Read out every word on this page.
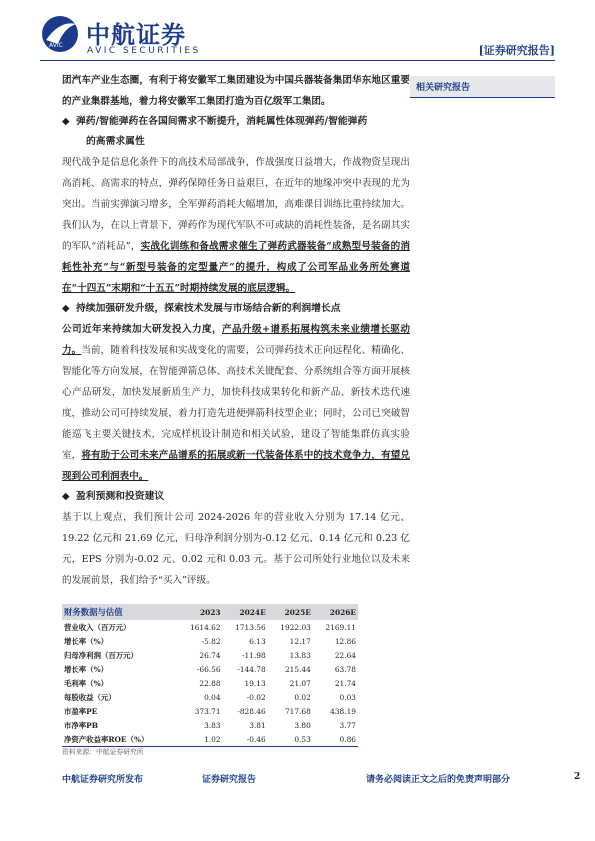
AVIC 中航证券
AVIC SECURITIES	[证券研究报告]
相关研究报告

团汽车产业生态圈，有利于将安徽军工集团建设为中国兵器装备集团华东地区重要的产业集群基地，着力将安徽军工集团打造为百亿级军工集团。

◆ 弹药/智能弹药在各国间需求不断提升，消耗属性体现弹药/智能弹药
的高需求属性

现代战争是信息化条件下的高技术局部战争，作战强度日益增大，作战物资呈现出高消耗、高需求的特点，弹药保障任务日益艰巨，在近年的地缘冲突中表现的尤为突出。当前实弹演习增多，全军弹药消耗大幅增加，高难课目训练比重持续加大。我们认为，在以上背景下，弹药作为现代军队不可或缺的消耗性装备，是名副其实的军队“消耗品”，实战化训练和备战需求催生了弹药武器装备“成熟型号装备的消耗性补充”与“新型号装备的定型量产”的提升，构成了公司军品业务所处赛道在“十四五”末期和“十五五”时期持续发展的底层逻辑。

◆ 持续加强研发升级，探索技术发展与市场结合新的利润增长点

公司近年来持续加大研发投入力度，产品升级+谱系拓展构筑未来业绩增长驱动力。当前，随着科技发展和实战变化的需要，公司弹药技术正向远程化、精确化、智能化等方向发展，在智能弹箭总体、高技术关键配套、分系统组合等方面开展核心产品研发，加快发展新质生产力，加快科技成果转化和新产品、新技术迭代速度，推动公司可持续发展，着力打造先进便弹箭科技型企业；同时，公司已突破智能巡飞主要关键技术，完成样机设计制造和相关试验，建设了智能集群仿真实验室，将有助于公司未来产品谱系的拓展或新一代装备体系中的技术竞争力，有望兑现到公司利润表中。

◆ 盈利预测和投资建议

基于以上观点，我们预计公司 2024-2026 年的营业收入分别为 17.14 亿元、19.22 亿元和 21.69 亿元，归母净利润分别为-0.12 亿元、0.14 亿元和 0.23 亿元，EPS 分别为-0.02 元、0.02 元和 0.03 元。基于公司所处行业地位以及未来的发展前景，我们给予“买入”评级。

财务数据与估值	2023	2024E	2025E	2026E
营业收入（百万元）	1614.62	1713.56	1922.03	2169.11
增长率（%）	-5.82	6.13	12.17	12.86
归母净利润（百万元）	26.74	-11.98	13.83	22.64
增长率（%）	-66.56	-144.78	215.44	63.78
毛利率（%）	22.88	19.13	21.07	21.74
每股收益（元）	0.04	-0.02	0.02	0.03
市盈率PE	373.71	-828.46	717.68	438.19
市净率PB	3.83	3.81	3.80	3.77
净资产收益率ROE（%）	1.02	-0.46	0.53	0.86
资料来源：中航证券研究所
中航证券研究所发布	证券研究报告	请务必阅读正文之后的免责声明部分	2
